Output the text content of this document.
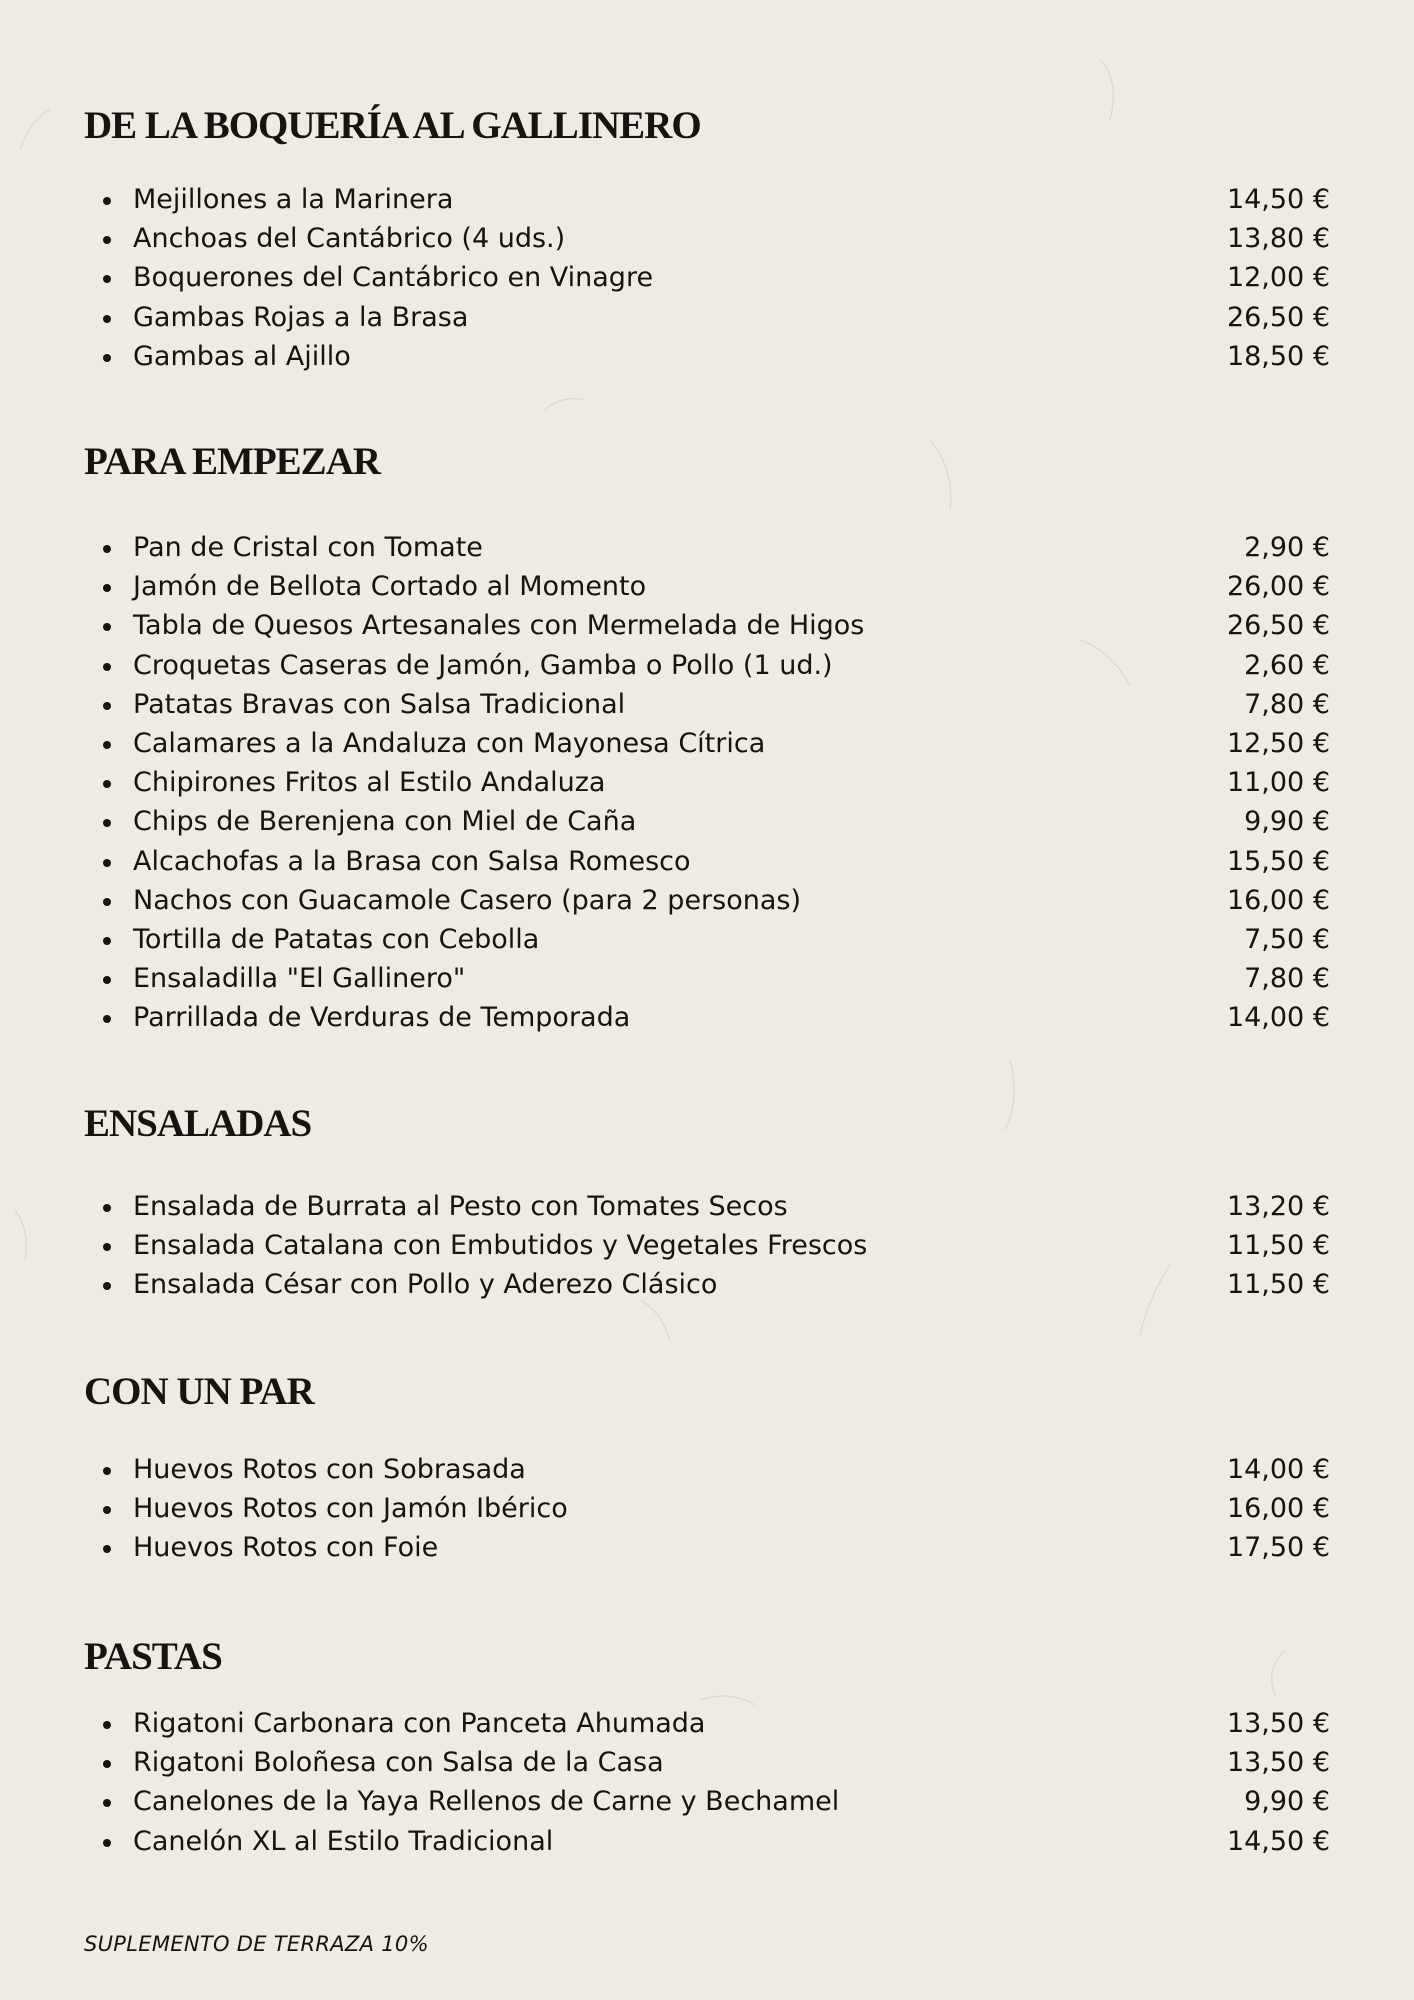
DE LA BOQUERÍA AL GALLINERO
Mejillones a la Marinera	14,50 €
Anchoas del Cantábrico (4 uds.)	13,80 €
Boquerones del Cantábrico en Vinagre	12,00 €
Gambas Rojas a la Brasa	26,50 €
Gambas al Ajillo	18,50 €
PARA EMPEZAR
Pan de Cristal con Tomate	2,90 €
Jamón de Bellota Cortado al Momento	26,00 €
Tabla de Quesos Artesanales con Mermelada de Higos	26,50 €
Croquetas Caseras de Jamón, Gamba o Pollo (1 ud.)	2,60 €
Patatas Bravas con Salsa Tradicional	7,80 €
Calamares a la Andaluza con Mayonesa Cítrica	12,50 €
Chipirones Fritos al Estilo Andaluza	11,00 €
Chips de Berenjena con Miel de Caña	9,90 €
Alcachofas a la Brasa con Salsa Romesco	15,50 €
Nachos con Guacamole Casero (para 2 personas)	16,00 €
Tortilla de Patatas con Cebolla	7,50 €
Ensaladilla "El Gallinero"	7,80 €
Parrillada de Verduras de Temporada	14,00 €
ENSALADAS
Ensalada de Burrata al Pesto con Tomates Secos	13,20 €
Ensalada Catalana con Embutidos y Vegetales Frescos	11,50 €
Ensalada César con Pollo y Aderezo Clásico	11,50 €
CON UN PAR
Huevos Rotos con Sobrasada	14,00 €
Huevos Rotos con Jamón Ibérico	16,00 €
Huevos Rotos con Foie	17,50 €
PASTAS
Rigatoni Carbonara con Panceta Ahumada	13,50 €
Rigatoni Boloñesa con Salsa de la Casa	13,50 €
Canelones de la Yaya Rellenos de Carne y Bechamel	9,90 €
Canelón XL al Estilo Tradicional	14,50 €
SUPLEMENTO DE TERRAZA 10%
